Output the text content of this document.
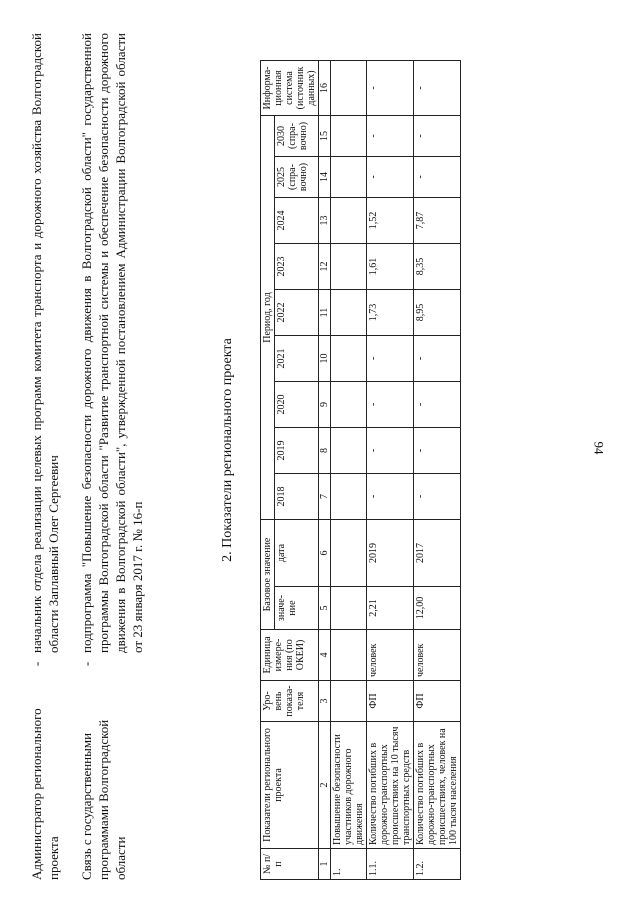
94
Администратор регионального проекта
-
начальник отдела реализации целевых программ комитета транспорта и дорожного хозяйства Волгоградской области Заплавный Олег Сергеевич
Связь с государственными программами Волгоградской области
-
подпрограмма "Повышение безопасности дорожного движения в Волгоградской области" государственной программы Волгоградской области "Развитие транспортной системы и обеспечение безопасности дорожного движения в Волгоградской области", утвержденной постановлением Администрации Волгоградской области от 23 января 2017 г. № 16-п
2. Показатели регионального проекта
№ п/п	Показатели регионального проекта	Уро-вень показа-теля	Единица измере-ния (по ОКЕИ)	Базовое значение		Период, год									Информа-ционная система (источник данных)
				значе-ние	дата	2018	2019	2020	2021	2022	2023	2024	2025 (спра-вочно)	2030 (спра-вочно)	

1	2	3	4	5	6	7	8	9	10	11	12	13	14	15	16
1.	Повышение безопасности участников дорожного движения														
1.1.	Количество погибших в дорожно-транспортных происшествиях на 10 тысяч транспортных средств	ФП	человек	2,21	2019	-	-	-	-	1,73	1,61	1,52	-	-	-
1.2.	Количество погибших в дорожно-транспортных происшествиях, человек на 100 тысяч населения	ФП	человек	12,00	2017	-	-	-	-	8,95	8,35	7,87	-	-	-
